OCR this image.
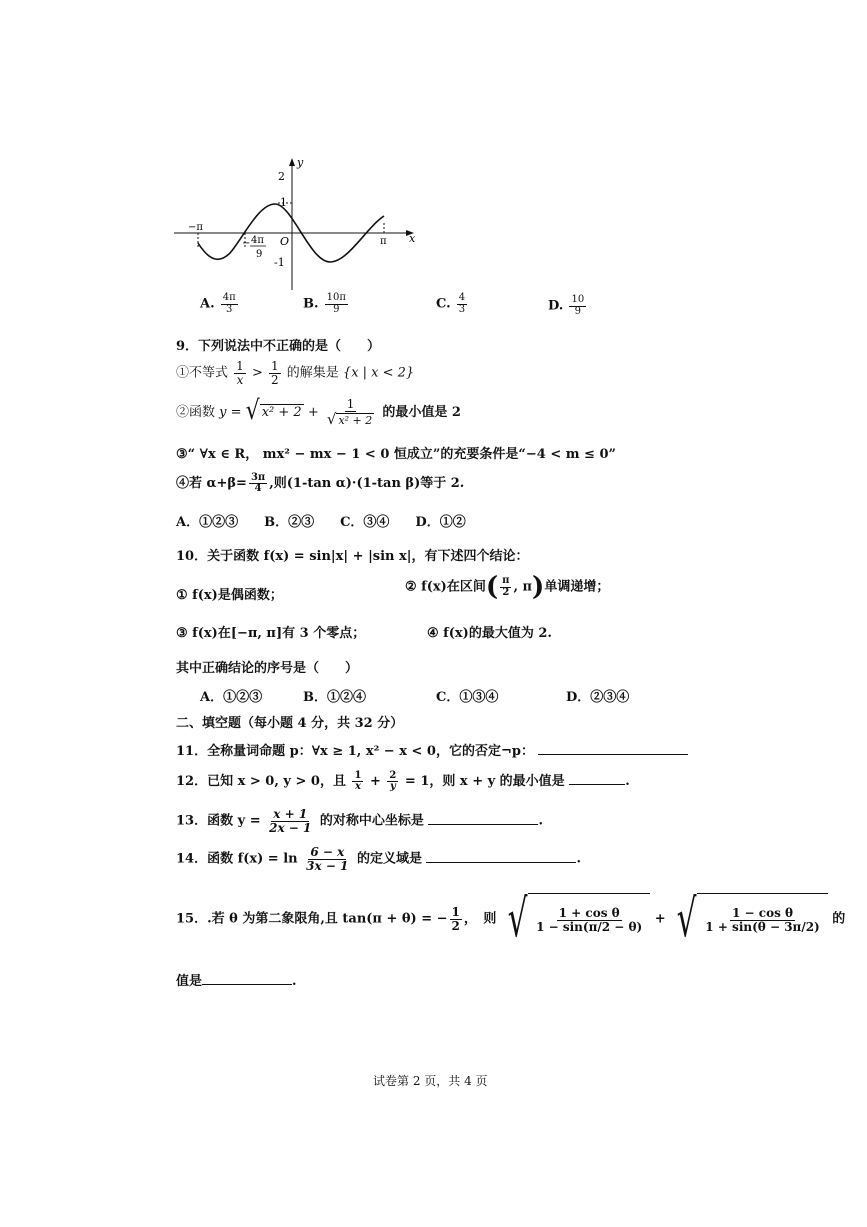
y
x
2
1
-1
O
−π
π
− 4π
9
A. $\frac{4\pi}{3}$	B. $\frac{10\pi}{9}$	C. $\frac{4}{3}$	D. $\frac{10}{9}$
9．下列说法中不正确的是（　　）
①不等式 $\frac{1}{x} > \frac{1}{2}$ 的解集是 {x | x < 2}
②函数 y = √ $x^2 + 2 + \frac{1}{\text{√ x² + 2}}$ 的最小值是 2
③“ ∀x ∈ R， mx² − mx − 1 < 0 恒成立”的充要条件是“−4 < m ≤ 0”
④若 $\alpha+\beta= \frac{3\pi}{4}$ ,则(1-tan α)·(1-tan β)等于 2.
A．①②③　　B．②③　　C．③④　　D．①②
10．关于函数 f(x) = sin|x| + |sin x|，有下述四个结论：
① f(x)是偶函数；
② f(x)在区间( $\frac{\pi}{2}$ , π)单调递增；
③ f(x)在[−π, π]有 3 个零点；	④ f(x)的最大值为 2.
其中正确结论的序号是（　　）
A．①②③	B．①②④	C．①③④	D．②③④
二、填空题（每小题 4 分，共 32 分）
11．全称量词命题 p：∀x ≥ 1, x² − x < 0，它的否定¬p：
12．已知 x > 0, y > 0，且 $\frac{1}{x} + \frac{2}{y} = 1$，则 x + y 的最小值是	.
13．函数 $y = \frac{x + 1}{2x - 1}$ 的对称中心坐标是	.
14．函数 $f(x) = \ln \frac{6 - x}{3x - 1}$ 的定义域是	.
15．.若 θ 为第二象限角,且 tan(π + θ) = − $\frac{1}{2}$ ，　则 √ $\frac{\text{1 + cos θ}}{1 - \sin(\pi/2 - \theta)}$ + √ $\frac{\text{1 − cos θ}}{1 + \sin(\theta - 3\pi/2)}$ 的
值是	.
试卷第 2 页，共 4 页
